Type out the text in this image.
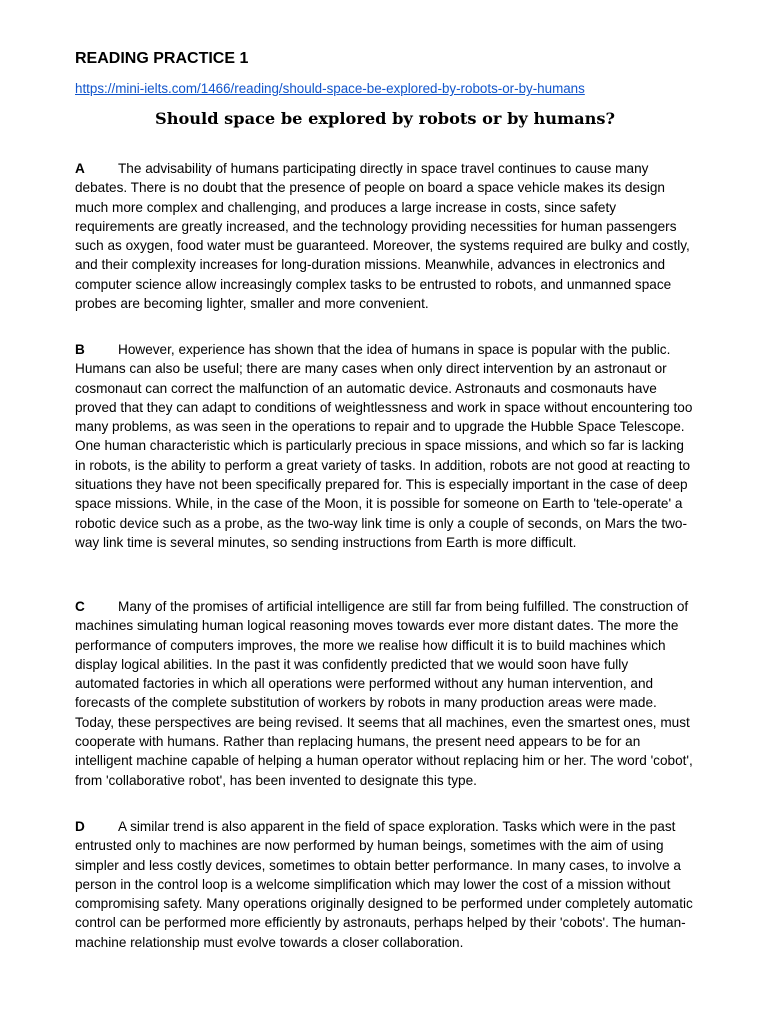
READING PRACTICE 1
https://mini-ielts.com/1466/reading/should-space-be-explored-by-robots-or-by-humans
Should space be explored by robots or by humans?
A The advisability of humans participating directly in space travel continues to cause many debates. There is no doubt that the presence of people on board a space vehicle makes its design much more complex and challenging, and produces a large increase in costs, since safety requirements are greatly increased, and the technology providing necessities for human passengers such as oxygen, food water must be guaranteed. Moreover, the systems required are bulky and costly, and their complexity increases for long-duration missions. Meanwhile, advances in electronics and computer science allow increasingly complex tasks to be entrusted to robots, and unmanned space probes are becoming lighter, smaller and more convenient.
B However, experience has shown that the idea of humans in space is popular with the public. Humans can also be useful; there are many cases when only direct intervention by an astronaut or cosmonaut can correct the malfunction of an automatic device. Astronauts and cosmonauts have proved that they can adapt to conditions of weightlessness and work in space without encountering too many problems, as was seen in the operations to repair and to upgrade the Hubble Space Telescope. One human characteristic which is particularly precious in space missions, and which so far is lacking in robots, is the ability to perform a great variety of tasks. In addition, robots are not good at reacting to situations they have not been specifically prepared for. This is especially important in the case of deep space missions. While, in the case of the Moon, it is possible for someone on Earth to 'tele-operate' a robotic device such as a probe, as the two-way link time is only a couple of seconds, on Mars the two- way link time is several minutes, so sending instructions from Earth is more difficult.
C Many of the promises of artificial intelligence are still far from being fulfilled. The construction of machines simulating human logical reasoning moves towards ever more distant dates. The more the performance of computers improves, the more we realise how difficult it is to build machines which display logical abilities. In the past it was confidently predicted that we would soon have fully automated factories in which all operations were performed without any human intervention, and forecasts of the complete substitution of workers by robots in many production areas were made. Today, these perspectives are being revised. It seems that all machines, even the smartest ones, must cooperate with humans. Rather than replacing humans, the present need appears to be for an intelligent machine capable of helping a human operator without replacing him or her. The word 'cobot', from 'collaborative robot', has been invented to designate this type.
D A similar trend is also apparent in the field of space exploration. Tasks which were in the past entrusted only to machines are now performed by human beings, sometimes with the aim of using simpler and less costly devices, sometimes to obtain better performance. In many cases, to involve a person in the control loop is a welcome simplification which may lower the cost of a mission without compromising safety. Many operations originally designed to be performed under completely automatic control can be performed more efficiently by astronauts, perhaps helped by their 'cobots'. The human-machine relationship must evolve towards a closer collaboration.
